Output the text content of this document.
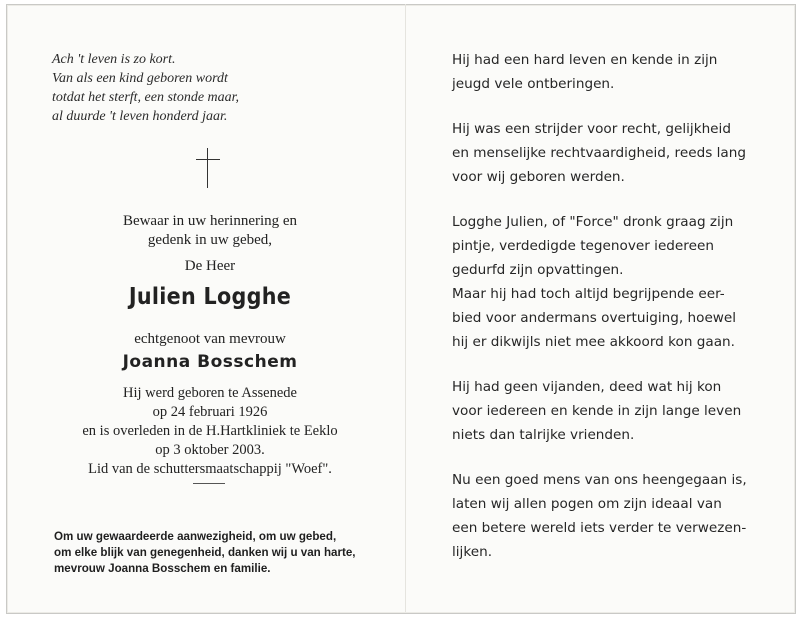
Ach 't leven is zo kort.
Van als een kind geboren wordt
totdat het sterft, een stonde maar,
al duurde 't leven honderd jaar.
Bewaar in uw herinnering en
gedenk in uw gebed,
De Heer
Julien Logghe
echtgenoot van mevrouw
Joanna Bosschem
Hij werd geboren te Assenede
op 24 februari 1926
en is overleden in de H.Hartkliniek te Eeklo
op 3 oktober 2003.
Lid van de schuttersmaatschappij "Woef".
Om uw gewaardeerde aanwezigheid, om uw gebed,
om elke blijk van genegenheid, danken wij u van harte,
mevrouw Joanna Bosschem en familie.
Hij had een hard leven en kende in zijn
jeugd vele ontberingen.
Hij was een strijder voor recht, gelijkheid
en menselijke rechtvaardigheid, reeds lang
voor wij geboren werden.
Logghe Julien, of "Force" dronk graag zijn
pintje, verdedigde tegenover iedereen
gedurfd zijn opvattingen.
Maar hij had toch altijd begrijpende eer-
bied voor andermans overtuiging, hoewel
hij er dikwijls niet mee akkoord kon gaan.
Hij had geen vijanden, deed wat hij kon
voor iedereen en kende in zijn lange leven
niets dan talrijke vrienden.
Nu een goed mens van ons heengegaan is,
laten wij allen pogen om zijn ideaal van
een betere wereld iets verder te verwezen-
lijken.
